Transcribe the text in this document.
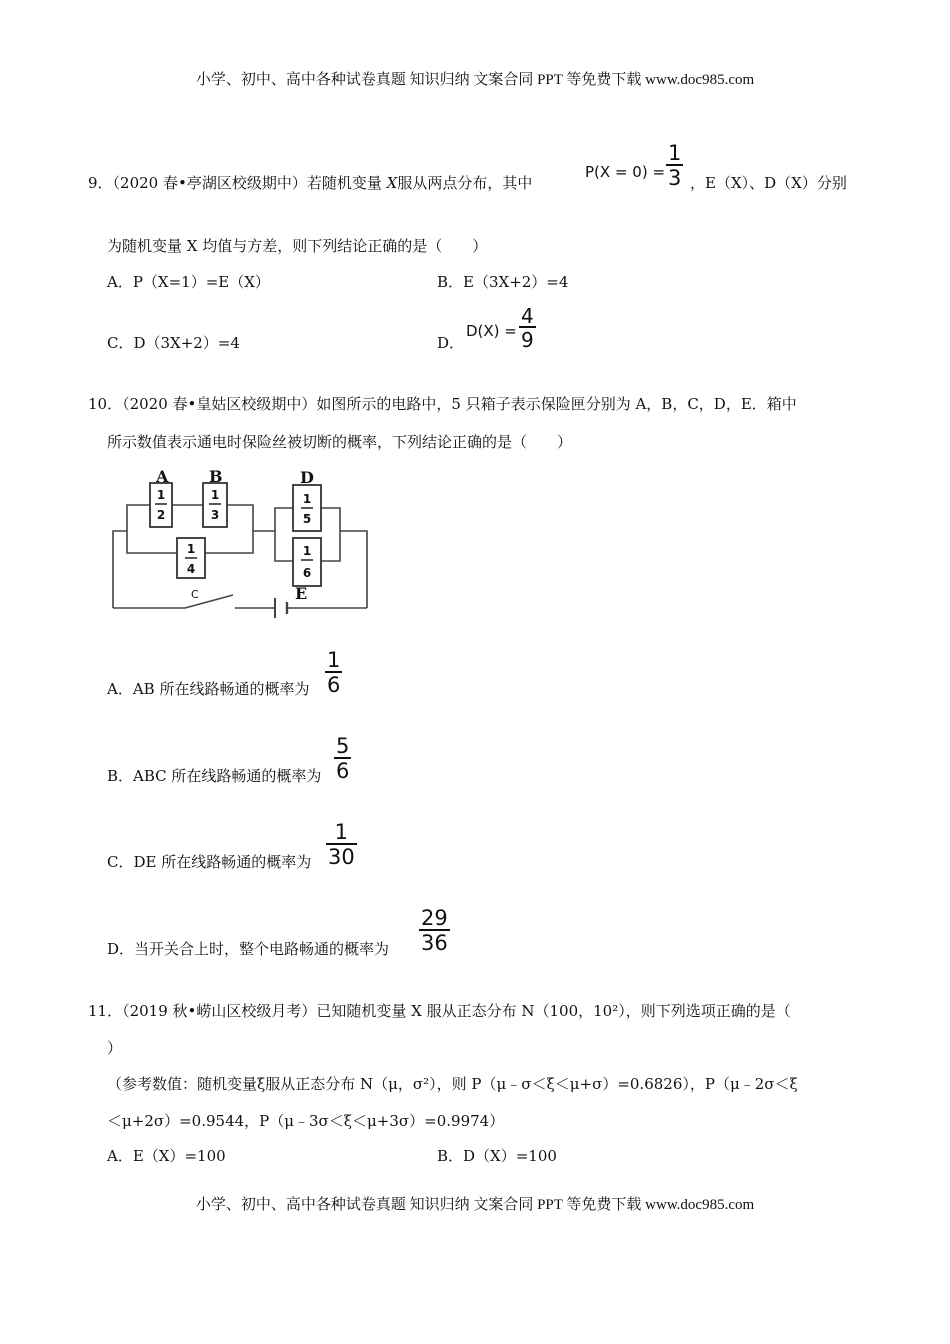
小学、初中、高中各种试卷真题 知识归纳 文案合同 PPT 等免费下载 www.doc985.com
9．（2020 春•亭湖区校级期中）若随机变量 X服从两点分布，其中
$P(X = 0) = \frac{1}{3}$ ，E（X）、D（X）分别
为随机变量 X 均值与方差，则下列结论正确的是（　　）
A．P（X=1）=E（X）	B．E（3X+2）=4
C．D（3X+2）=4	D．
$D(X) = \frac{4}{9}$
10．（2020 春•皇姑区校级期中）如图所示的电路中，5 只箱子表示保险匣分别为 A，B，C，D，E．箱中
所示数值表示通电时保险丝被切断的概率，下列结论正确的是（　　）
A	B	D
E
C
1
2
1
3
1
4
1
5
1
6
A．AB 所在线路畅通的概率为 $\frac{1}{6}$
B．ABC 所在线路畅通的概率为 $\frac{5}{6}$
C．DE 所在线路畅通的概率为 $\frac{1}{30}$
D．当开关合上时，整个电路畅通的概率为 $\frac{29}{36}$
11．（2019 秋•崂山区校级月考）已知随机变量 X 服从正态分布 N（100，10²），则下列选项正确的是（
）
（参考数值：随机变量ξ服从正态分布 N（μ，σ²），则 P（μ﹣σ＜ξ＜μ+σ）=0.6826），P（μ﹣2σ＜ξ
＜μ+2σ）=0.9544，P（μ﹣3σ＜ξ＜μ+3σ）=0.9974）
A．E（X）=100	B．D（X）=100
小学、初中、高中各种试卷真题 知识归纳 文案合同 PPT 等免费下载 www.doc985.com
